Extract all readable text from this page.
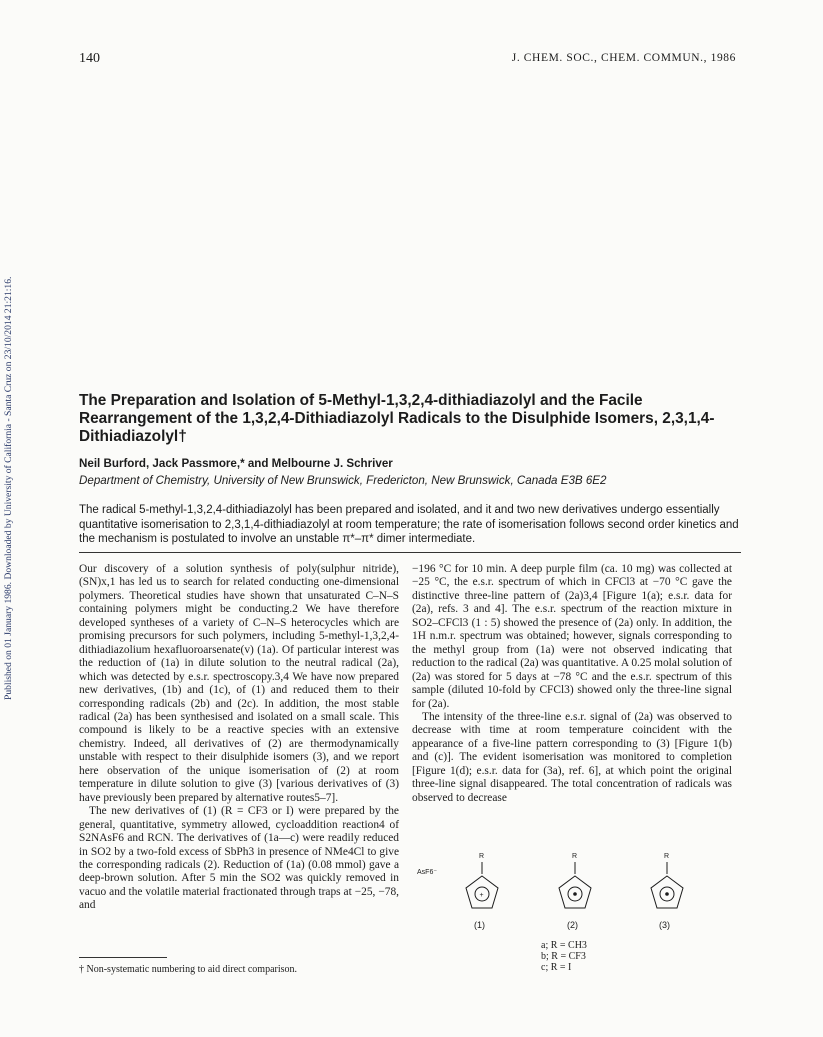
Published on 01 January 1986. Downloaded by University of California - Santa Cruz on 23/10/2014 21:21:16.
140	J. CHEM. SOC., CHEM. COMMUN., 1986
The Preparation and Isolation of 5-Methyl-1,3,2,4-dithiadiazolyl and the Facile Rearrangement of the 1,3,2,4-Dithiadiazolyl Radicals to the Disulphide Isomers, 2,3,1,4-Dithiadiazolyl†
Neil Burford, Jack Passmore,* and Melbourne J. Schriver
Department of Chemistry, University of New Brunswick, Fredericton, New Brunswick, Canada E3B 6E2
The radical 5-methyl-1,3,2,4-dithiadiazolyl has been prepared and isolated, and it and two new derivatives undergo essentially quantitative isomerisation to 2,3,1,4-dithiadiazolyl at room temperature; the rate of isomerisation follows second order kinetics and the mechanism is postulated to involve an unstable π*–π* dimer intermediate.

Our discovery of a solution synthesis of poly(sulphur nitride), (SN)x,1 has led us to search for related conducting one-dimensional polymers. Theoretical studies have shown that unsaturated C–N–S containing polymers might be conducting.2 We have therefore developed syntheses of a variety of C–N–S heterocycles which are promising precursors for such polymers, including 5-methyl-1,3,2,4-dithiadiazolium hexafluoroarsenate(v) (1a). Of particular interest was the reduction of (1a) in dilute solution to the neutral radical (2a), which was detected by e.s.r. spectroscopy.3,4 We have now prepared new derivatives, (1b) and (1c), of (1) and reduced them to their corresponding radicals (2b) and (2c). In addition, the most stable radical (2a) has been synthesised and isolated on a small scale. This compound is likely to be a reactive species with an extensive chemistry. Indeed, all derivatives of (2) are thermodynamically unstable with respect to their disulphide isomers (3), and we report here observation of the unique isomerisation of (2) at room temperature in dilute solution to give (3) [various derivatives of (3) have previously been prepared by alternative routes5–7].

The new derivatives of (1) (R = CF3 or I) were prepared by the general, quantitative, symmetry allowed, cycloaddition reaction4 of S2NAsF6 and RCN. The derivatives of (1a—c) were readily reduced in SO2 by a two-fold excess of SbPh3 in presence of NMe4Cl to give the corresponding radicals (2). Reduction of (1a) (0.08 mmol) gave a deep-brown solution. After 5 min the SO2 was quickly removed in vacuo and the volatile material fractionated through traps at −25, −78, and

−196 °C for 10 min. A deep purple film (ca. 10 mg) was collected at −25 °C, the e.s.r. spectrum of which in CFCl3 at −70 °C gave the distinctive three-line pattern of (2a)3,4 [Figure 1(a); e.s.r. data for (2a), refs. 3 and 4]. The e.s.r. spectrum of the reaction mixture in SO2–CFCl3 (1 : 5) showed the presence of (2a) only. In addition, the 1H n.m.r. spectrum was obtained; however, signals corresponding to the methyl group from (1a) were not observed indicating that reduction to the radical (2a) was quantitative. A 0.25 molal solution of (2a) was stored for 5 days at −78 °C and the e.s.r. spectrum of this sample (diluted 10-fold by CFCl3) showed only the three-line signal for (2a).

The intensity of the three-line e.s.r. signal of (2a) was observed to decrease with time at room temperature coincident with the appearance of a five-line pattern corresponding to (3) [Figure 1(b) and (c)]. The evident isomerisation was monitored to completion [Figure 1(d); e.s.r. data for (3a), ref. 6], at which point the original three-line signal disappeared. The total concentration of radicals was observed to decrease

R
+
AsF6⁻
(1)
R
(2)
R
(3)
a; R = CH3
b; R = CF3
c; R = I
† Non-systematic numbering to aid direct comparison.
